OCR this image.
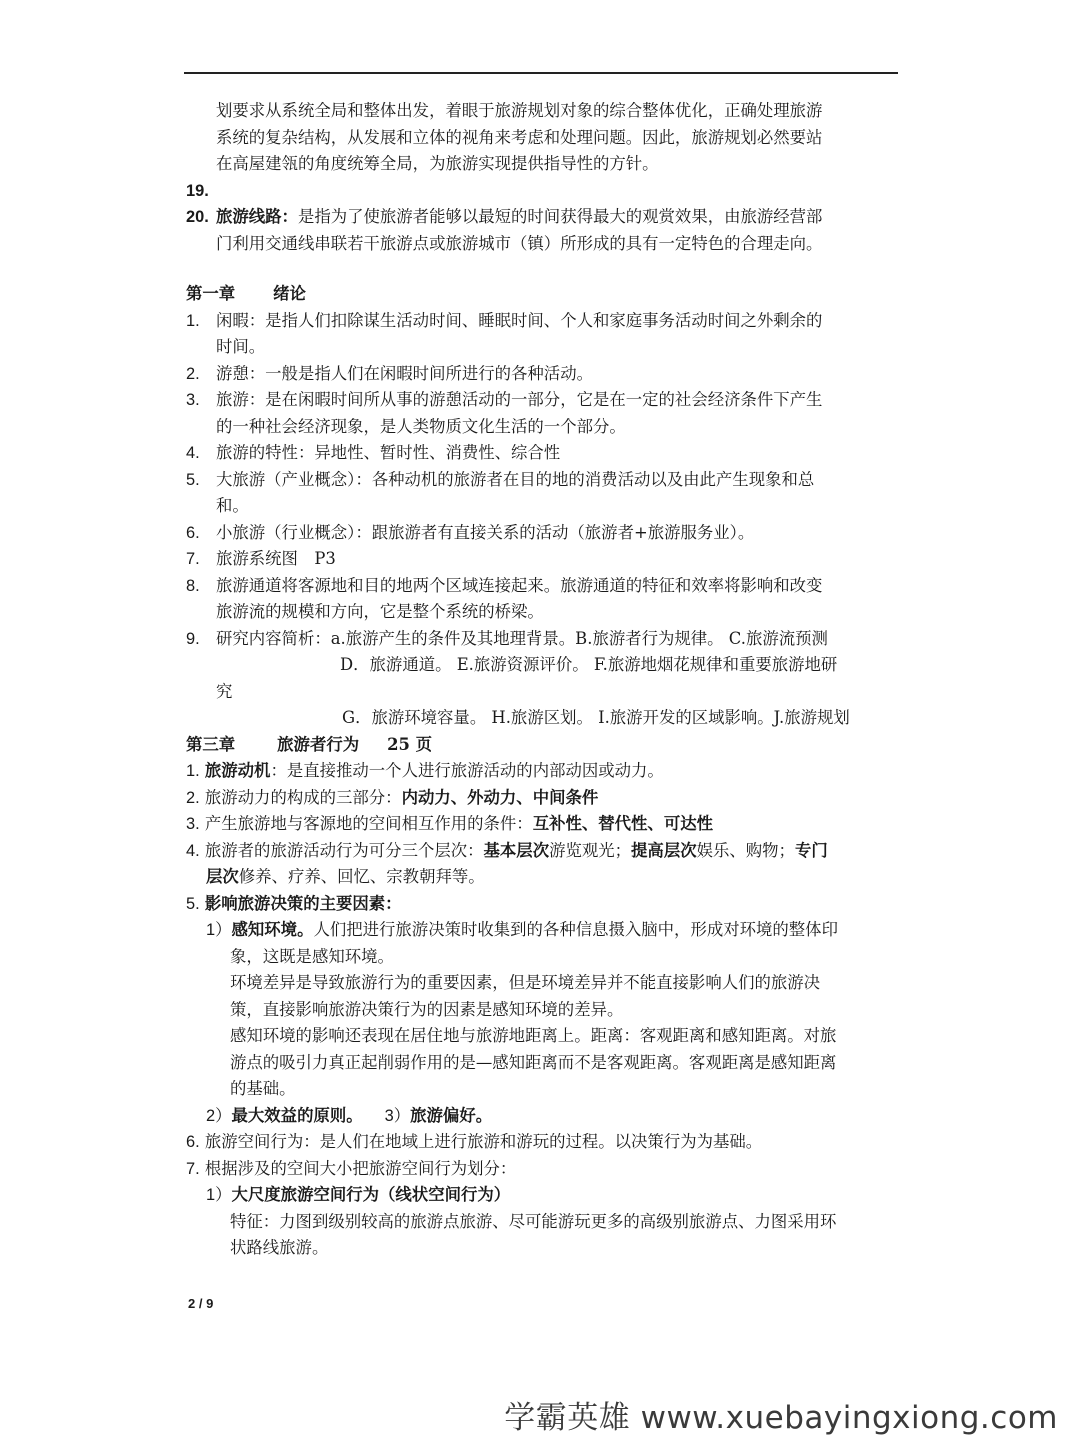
划要求从系统全局和整体出发，着眼于旅游规划对象的综合整体优化，正确处理旅游
系统的复杂结构，从发展和立体的视角来考虑和处理问题。因此，旅游规划必然要站
在高屋建瓴的角度统筹全局，为旅游实现提供指导性的方针。
19.
20. 旅游线路：是指为了使旅游者能够以最短的时间获得最大的观赏效果，由旅游经营部
门利用交通线串联若干旅游点或旅游城市（镇）所形成的具有一定特色的合理走向。
第一章 绪论
1. 闲暇：是指人们扣除谋生活动时间、睡眠时间、个人和家庭事务活动时间之外剩余的
时间。
2. 游憩：一般是指人们在闲暇时间所进行的各种活动。
3. 旅游：是在闲暇时间所从事的游憩活动的一部分，它是在一定的社会经济条件下产生
的一种社会经济现象，是人类物质文化生活的一个部分。
4. 旅游的特性：异地性、暂时性、消费性、综合性
5. 大旅游（产业概念）：各种动机的旅游者在目的地的消费活动以及由此产生现象和总
和。
6. 小旅游（行业概念）：跟旅游者有直接关系的活动（旅游者+旅游服务业）。
7. 旅游系统图　P3
8. 旅游通道将客源地和目的地两个区域连接起来。旅游通道的特征和效率将影响和改变
旅游流的规模和方向，它是整个系统的桥梁。
9. 研究内容简析：a.旅游产生的条件及其地理背景。B.旅游者行为规律。 C.旅游流预测
D．旅游通道。 E.旅游资源评价。 F.旅游地烟花规律和重要旅游地研
究
G．旅游环境容量。 H.旅游区划。 I.旅游开发的区域影响。J.旅游规划
第三章	旅游者行为 25 页
1. 旅游动机：是直接推动一个人进行旅游活动的内部动因或动力。
2. 旅游动力的构成的三部分：内动力、外动力、中间条件
3. 产生旅游地与客源地的空间相互作用的条件：互补性、替代性、可达性
4. 旅游者的旅游活动行为可分三个层次：基本层次游览观光；提高层次娱乐、购物；专门
层次修养、疗养、回忆、宗教朝拜等。
5. 影响旅游决策的主要因素：
1）感知环境。人们把进行旅游决策时收集到的各种信息摄入脑中，形成对环境的整体印
象，这既是感知环境。
环境差异是导致旅游行为的重要因素，但是环境差异并不能直接影响人们的旅游决
策，直接影响旅游决策行为的因素是感知环境的差异。
感知环境的影响还表现在居住地与旅游地距离上。距离：客观距离和感知距离。对旅
游点的吸引力真正起削弱作用的是—感知距离而不是客观距离。客观距离是感知距离
的基础。
2）最大效益的原则。 3）旅游偏好。
6. 旅游空间行为：是人们在地域上进行旅游和游玩的过程。以决策行为为基础。
7. 根据涉及的空间大小把旅游空间行为划分：
1）大尺度旅游空间行为（线状空间行为）
特征：力图到级别较高的旅游点旅游、尽可能游玩更多的高级别旅游点、力图采用环
状路线旅游。
2 / 9
学霸英雄 www.xuebayingxiong.com
